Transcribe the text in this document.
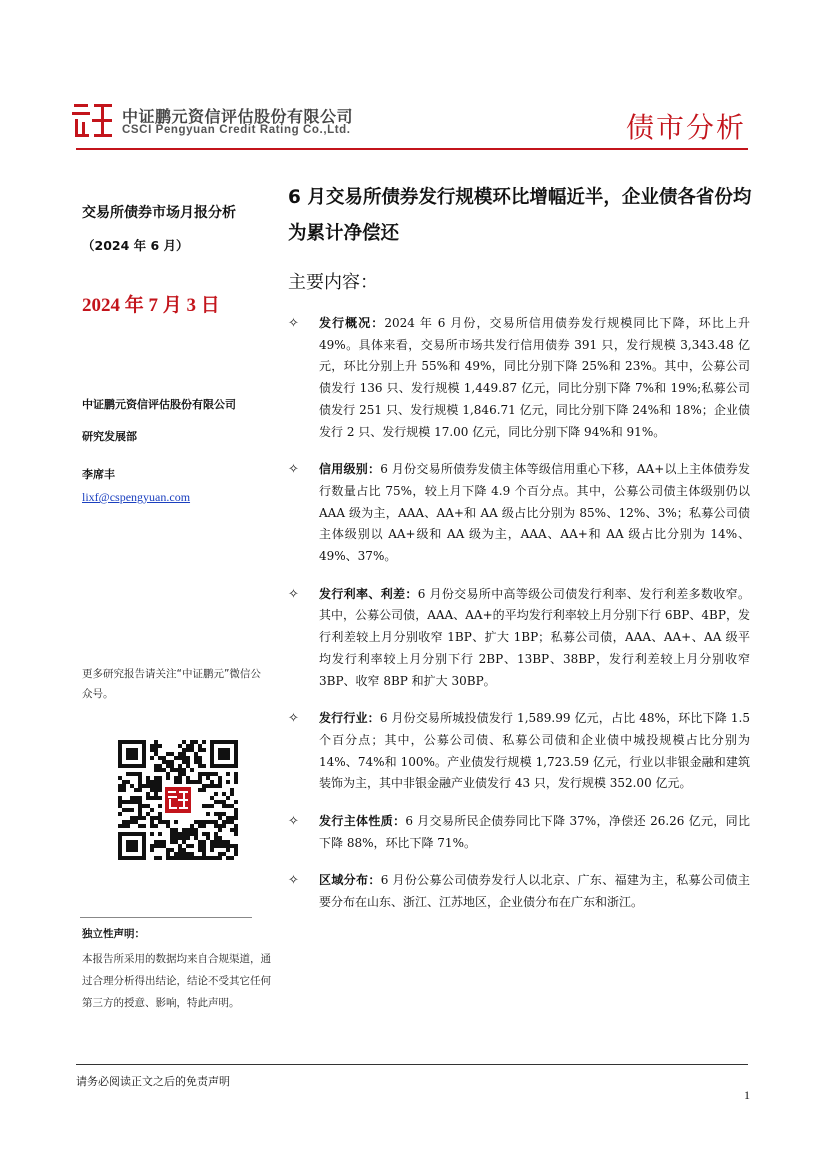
中证鹏元资信评估股份有限公司
CSCI Pengyuan Credit Rating Co.,Ltd.	债市分析
交易所债券市场月报分析
（2024 年 6 月）
2024 年 7 月 3 日
中证鹏元资信评估股份有限公司
研究发展部
李席丰
lixf@cspengyuan.com
更多研究报告请关注“中证鹏元”微信公众号。
独立性声明：
本报告所采用的数据均来自合规渠道，通过合理分析得出结论，结论不受其它任何第三方的授意、影响，特此声明。
6 月交易所债券发行规模环比增幅近半，企业债各省份均为累计净偿还
主要内容：
✧ 发行概况：2024 年 6 月份，交易所信用债券发行规模同比下降，环比上升 49%。具体来看，交易所市场共发行信用债券 391 只，发行规模 3,343.48 亿元，环比分别上升 55%和 49%，同比分别下降 25%和 23%。其中，公募公司债发行 136 只、发行规模 1,449.87 亿元，同比分别下降 7%和 19%;私募公司债发行 251 只、发行规模 1,846.71 亿元，同比分别下降 24%和 18%；企业债发行 2 只、发行规模 17.00 亿元，同比分别下降 94%和 91%。
✧ 信用级别：6 月份交易所债券发债主体等级信用重心下移，AA+以上主体债券发行数量占比 75%，较上月下降 4.9 个百分点。其中，公募公司债主体级别仍以 AAA 级为主，AAA、AA+和 AA 级占比分别为 85%、12%、3%；私募公司债主体级别以 AA+级和 AA 级为主，AAA、AA+和 AA 级占比分别为 14%、49%、37%。
✧ 发行利率、利差：6 月份交易所中高等级公司债发行利率、发行利差多数收窄。其中，公募公司债，AAA、AA+的平均发行利率较上月分别下行 6BP、4BP，发行利差较上月分别收窄 1BP、扩大 1BP；私募公司债，AAA、AA+、AA 级平均发行利率较上月分别下行 2BP、13BP、38BP，发行利差较上月分别收窄 3BP、收窄 8BP 和扩大 30BP。
✧ 发行行业：6 月份交易所城投债发行 1,589.99 亿元，占比 48%，环比下降 1.5 个百分点；其中，公募公司债、私募公司债和企业债中城投规模占比分别为 14%、74%和 100%。产业债发行规模 1,723.59 亿元，行业以非银金融和建筑装饰为主，其中非银金融产业债发行 43 只，发行规模 352.00 亿元。
✧ 发行主体性质：6 月交易所民企债券同比下降 37%，净偿还 26.26 亿元，同比下降 88%，环比下降 71%。
✧ 区域分布：6 月份公募公司债券发行人以北京、广东、福建为主，私募公司债主要分布在山东、浙江、江苏地区，企业债分布在广东和浙江。
请务必阅读正文之后的免责声明
1
